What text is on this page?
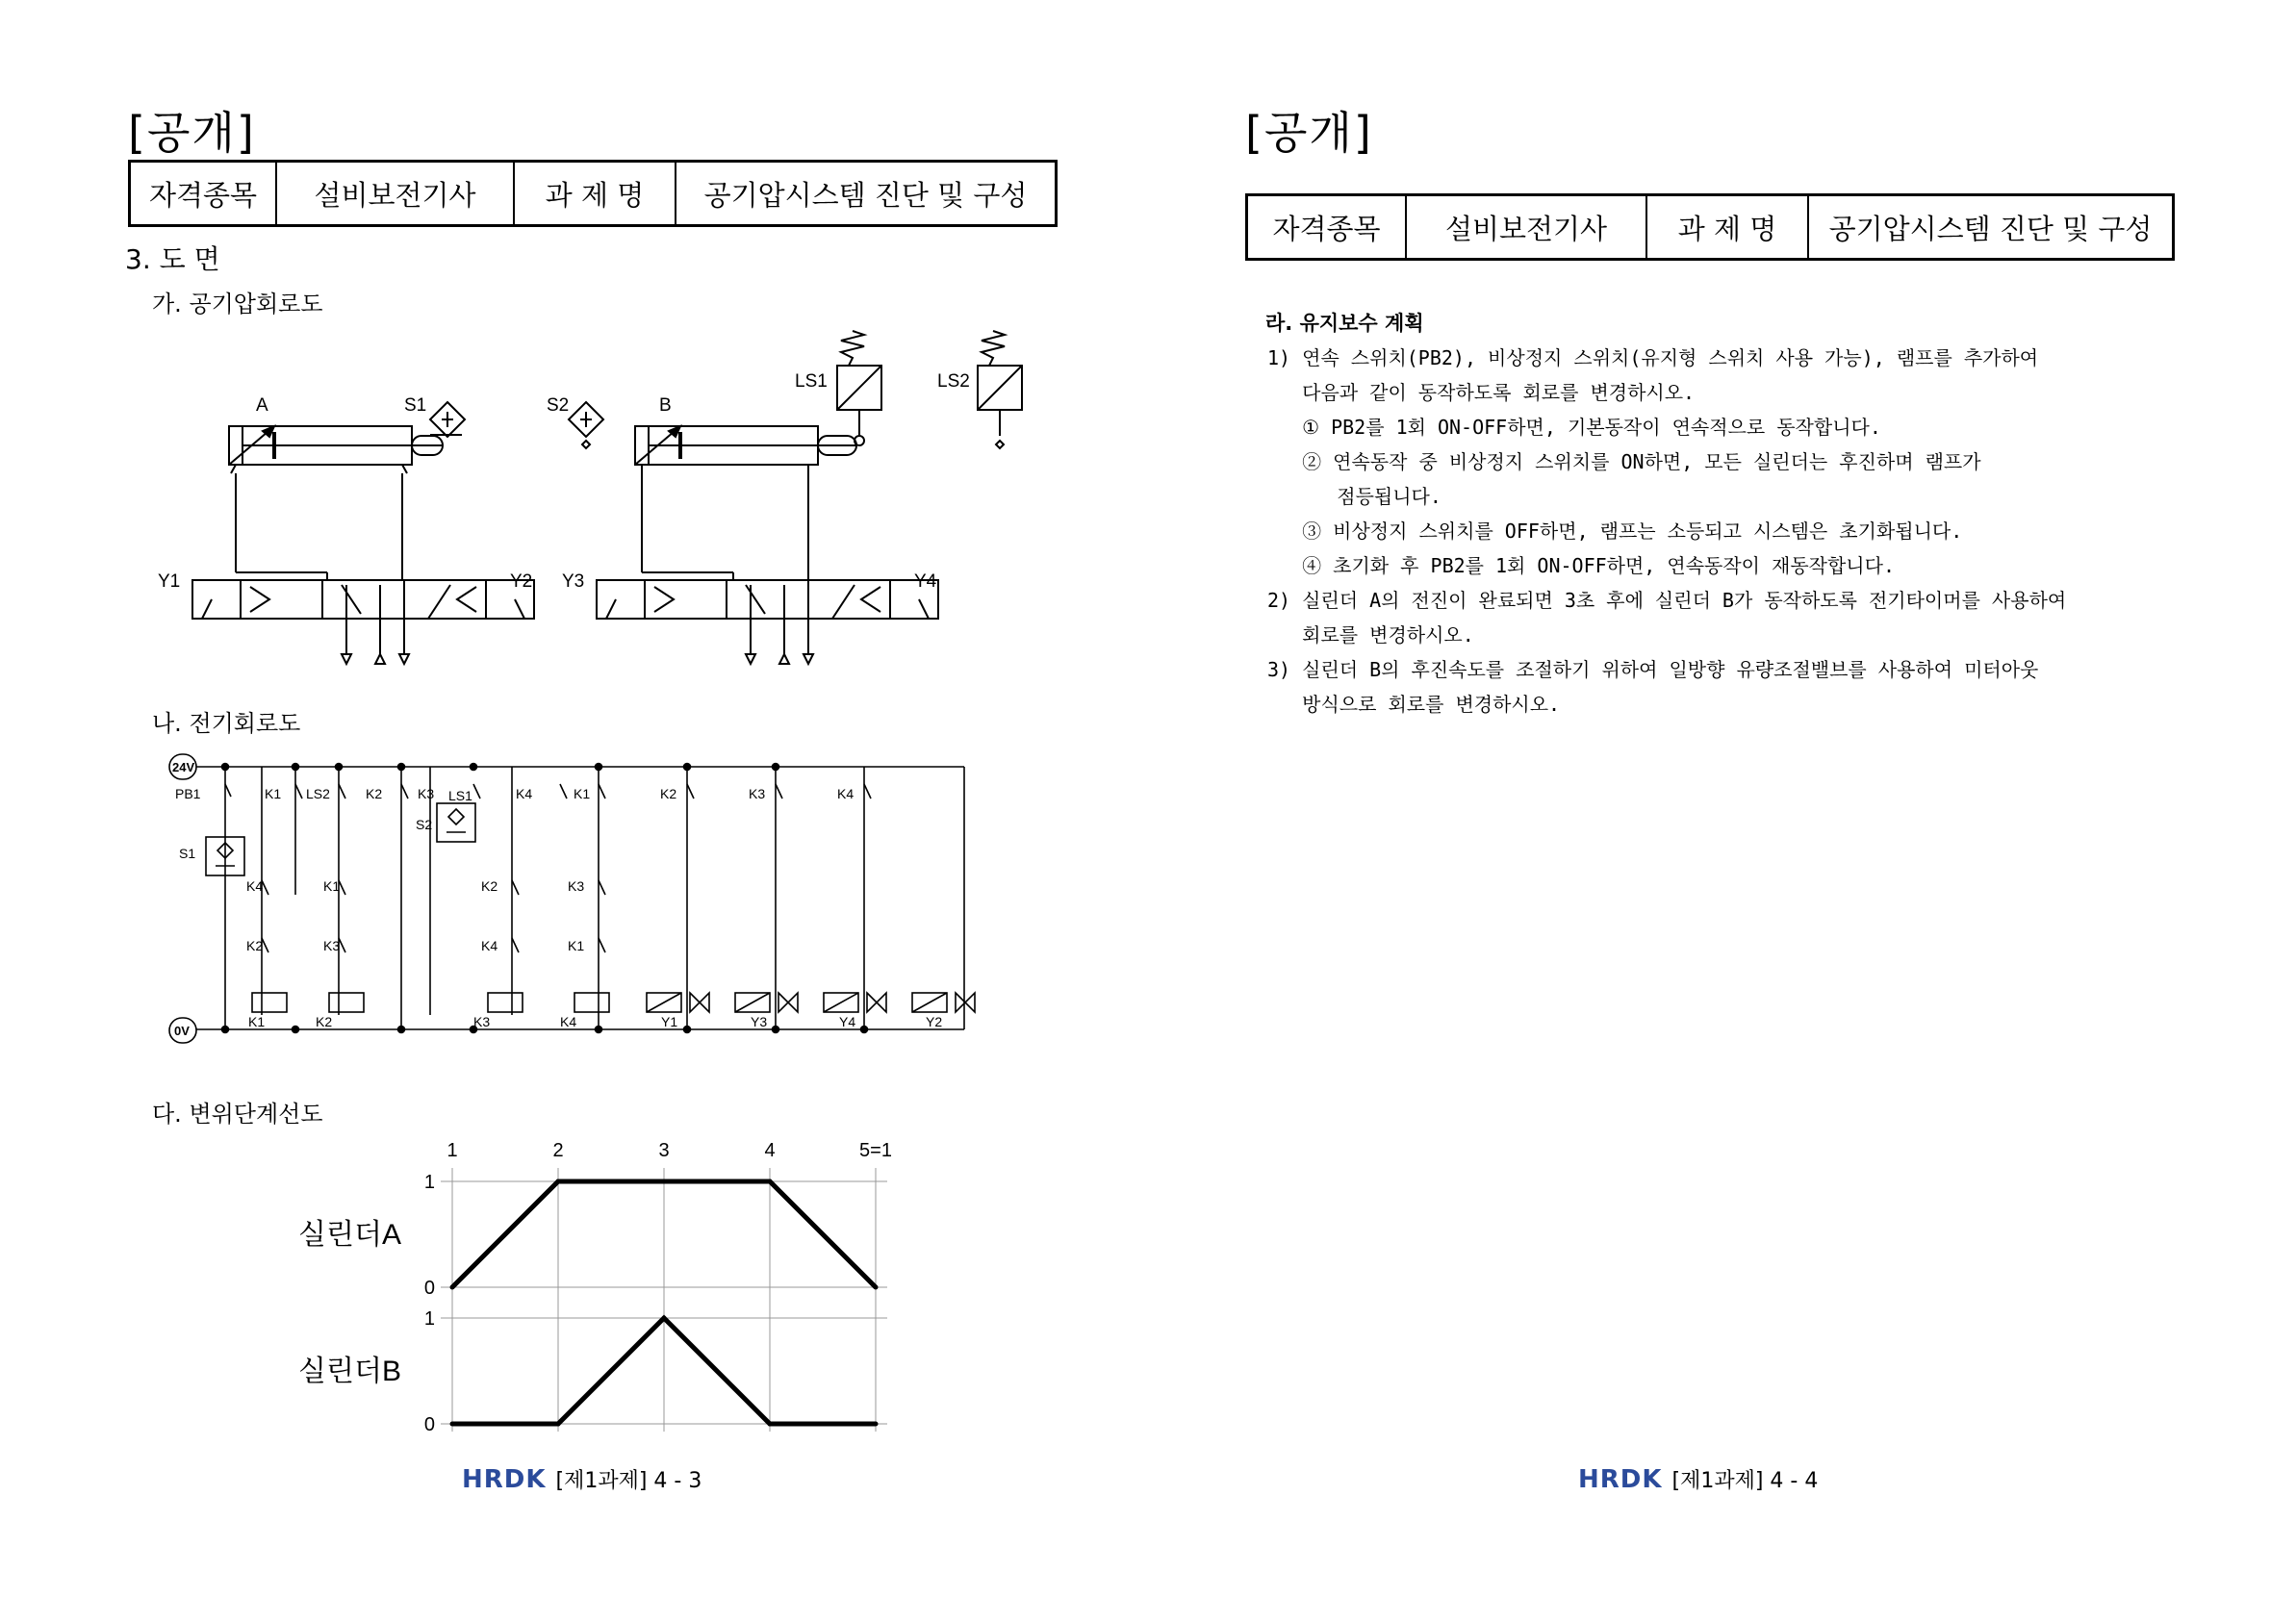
[공개]
자격종목	설비보전기사	과 제 명	공기압시스템 진단 및 구성
3. 도 면
가. 공기압회로도
A	S1	S2	B
LS1	LS2
Y1	Y2 Y3	Y4
나. 전기회로도
24V
0V
PB1	K1 LS2	K2	K3 LS1	K4	K1	K2	K3	K4
S1
S2
K4	K1	K2	K3
K2	K3	K4	K1
K1	K2	K3	K4	Y1	Y3	Y4	Y2
다. 변위단계선도
1	2	3	4	5=1
0
1
실린더A
0
1
실린더B
HRDK [제1과제] 4 - 3
[공개]
자격종목	설비보전기사	과 제 명	공기압시스템 진단 및 구성
라. 유지보수 계획
1) 연속 스위치(PB2), 비상정지 스위치(유지형 스위치 사용 가능), 램프를 추가하여
다음과 같이 동작하도록 회로를 변경하시오.
① PB2를 1회 ON-OFF하면, 기본동작이 연속적으로 동작합니다.
② 연속동작 중 비상정지 스위치를 ON하면, 모든 실린더는 후진하며 램프가
점등됩니다.
③ 비상정지 스위치를 OFF하면, 램프는 소등되고 시스템은 초기화됩니다.
④ 초기화 후 PB2를 1회 ON-OFF하면, 연속동작이 재동작합니다.
2) 실린더 A의 전진이 완료되면 3초 후에 실린더 B가 동작하도록 전기타이머를 사용하여
회로를 변경하시오.
3) 실린더 B의 후진속도를 조절하기 위하여 일방향 유량조절밸브를 사용하여 미터아웃
방식으로 회로를 변경하시오.
HRDK [제1과제] 4 - 4
